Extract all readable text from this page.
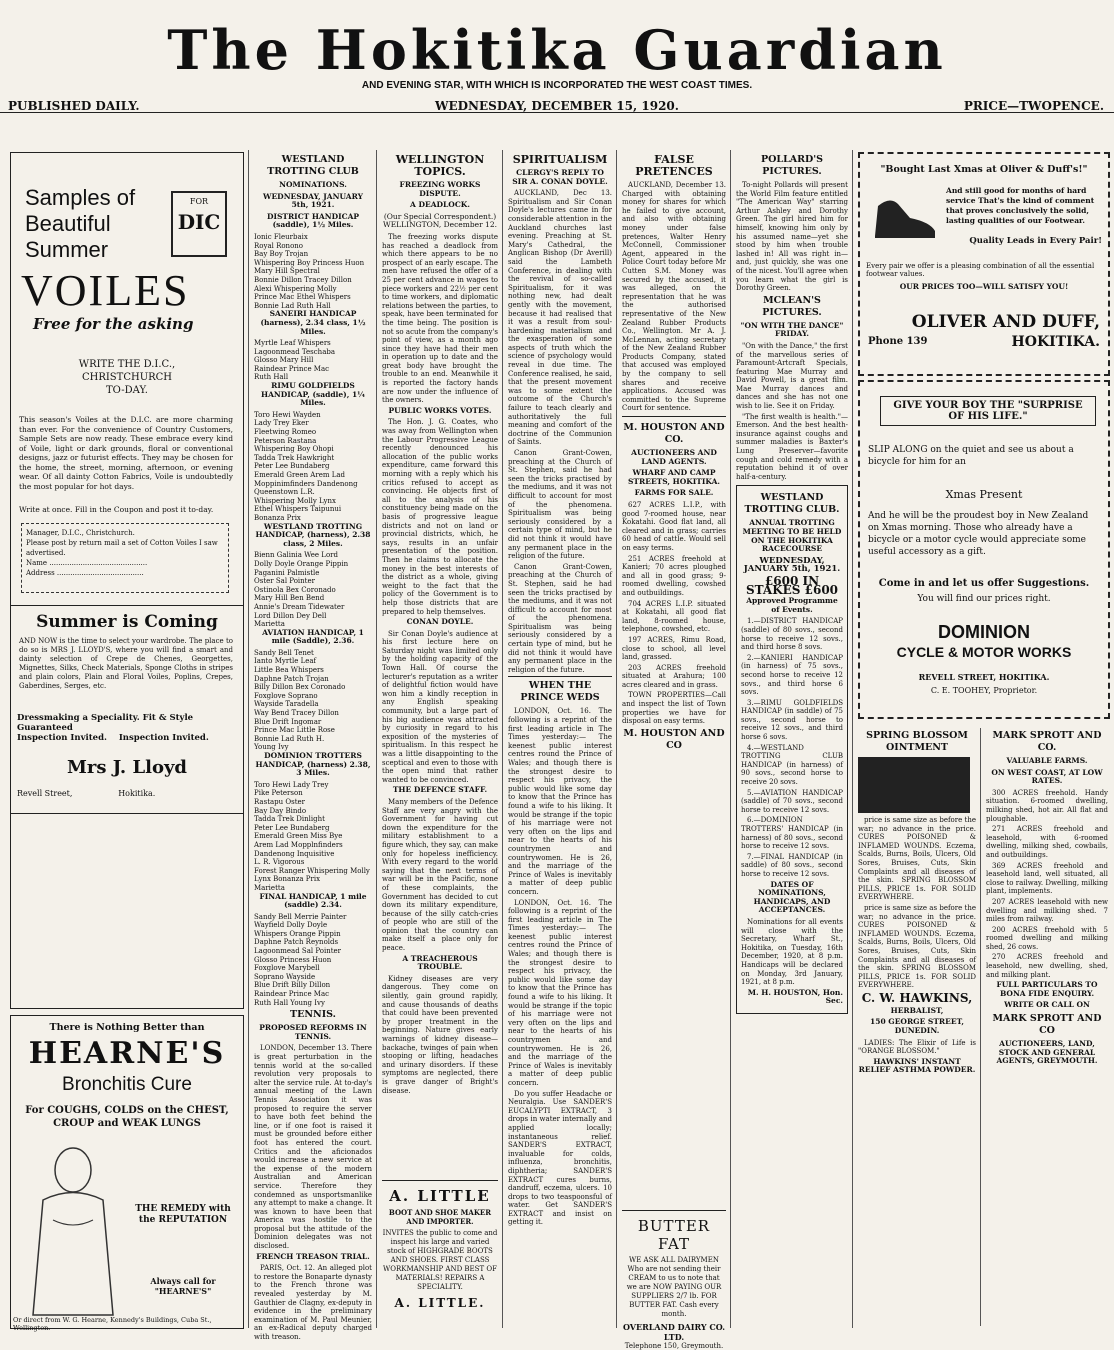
The Hokitika Guardian
AND EVENING STAR, WITH WHICH IS INCORPORATED THE WEST COAST TIMES.
PUBLISHED DAILY.	WEDNESDAY, DECEMBER 15, 1920.	PRICE—TWOPENCE.
Samples of
Beautiful
Summer
FOR
DIC
VOILES
Free for the asking
WRITE THE D.I.C.,
CHRISTCHURCH
TO-DAY.
This season's Voiles at the D.I.C. are more charming than ever. For the convenience of Country Customers, Sample Sets are now ready. These embrace every kind of Voile, light or dark grounds, floral or conventional designs, jazz or futurist effects. They may be chosen for the home, the street, morning, afternoon, or evening wear. Of all dainty Cotton Fabrics, Voile is undoubtedly the most popular for hot days.
Write at once. Fill in the Coupon and post it to-day.
Manager, D.I.C., Christchurch.
Please post by return mail a set of Cotton Voiles I saw advertised.
Name ............................................
Address .......................................
Summer is Coming
AND NOW is the time to select your wardrobe. The place to do so is MRS J. LLOYD'S, where you will find a smart and dainty selection of Crepe de Chenes, Georgettes, Mignettes, Silks, Check Materials, Sponge Cloths in stripes and plain colors, Plain and Floral Voiles, Poplins, Crepes, Gaberdines, Serges, etc.
Dressmaking a Speciality. Fit & Style Guaranteed
Inspection Invited.    Inspection Invited.
Mrs J. Lloyd
Revell Street,                  Hokitika.
There is Nothing Better than
HEARNE'S
Bronchitis Cure
For COUGHS, COLDS on the CHEST, CROUP and WEAK LUNGS
THE REMEDY with the REPUTATION
Always call for "HEARNE'S"
Or direct from W. G. Hearne, Kennedy's Buildings, Cuba St., Wellington.
WESTLAND TROTTING CLUB
NOMINATIONS.
WEDNESDAY, JANUARY 5th, 1921.
DISTRICT HANDICAP (saddle), 1½ Miles.
Ionic Fleurbaix
Royal Ronono
Bay Boy Trojan
Whispering Boy Princess Huon
Mary Hill Spectral
Bonnie Dillon Tracey Dillon
Alexi Whispering Molly
Prince Mac Ethel Whispers
Bonnie Lad Ruth Hall
SANEIRI HANDICAP (harness), 2.34 class, 1½ Miles.
Myrtle Leaf Whispers
Lagoonmead Teschaba
Glosso Mary Hill
Raindear Prince Mac
Ruth Hall
RIMU GOLDFIELDS HANDICAP, (saddle), 1¼ Miles.
Toro Hewi Wayden
Lady Trey Eker
Fleetwing Romeo
Peterson Rastana
Whispering Boy Ohopi
Tadda Trek Hawkright
Peter Lee Bundaberg
Emerald Green Arem Lad
Moppinimfinders Dandenong
Queenstown L.R.
Whispering Molly Lynx
Ethel Whispers Taipunui
Bonanza Prix
WESTLAND TROTTING HANDICAP, (harness), 2.38 class, 2 Miles.
Bienn Galinia Wee Lord
Dolly Doyle Orange Pippin
Paganini Palmistle
Oster Sal Pointer
Ostinola Bex Coronado
Mary Hill Ben Bend
Annie's Dream Tidewater
Lord Dillon Dey Dell
Marietta
AVIATION HANDICAP, 1 mile (Saddle), 2.36.
Sandy Bell Tenet
Ianto Myrtle Leaf
Little Bea Whispers
Daphne Patch Trojan
Billy Dillon Bex Coronado
Foxglove Soprano
Wayside Taradella
Way Bend Tracey Dillon
Blue Drift Ingomar
Prince Mac Little Rose
Bonnie Lad Ruth H.
Young Ivy
DOMINION TROTTERS HANDICAP, (harness) 2.38, 3 Miles.
Toro Hewi Lady Trey
Pike Peterson
Rastapu Oster
Bay Day Bindo
Tadda Trek Dinlight
Peter Lee Bundaberg
Emerald Green Miss Bye
Arem Lad Mopplnfinders
Dandenong Inquisitive
L. R. Vigorous
Forest Ranger Whispering Molly
Lynx Bonanza Prix
Marietta
FINAL HANDICAP, 1 mile (saddle) 2.34.
Sandy Bell Merrie Painter
Wayfield Dolly Doyle
Whispers Orange Pippin
Daphne Patch Reynolds
Lagoonmead Sal Pointer
Glosso Princess Huon
Foxglove Marybell
Soprano Wayside
Blue Drift Billy Dillon
Raindear Prince Mac
Ruth Hall Young Ivy
TENNIS.
PROPOSED REFORMS IN TENNIS.

LONDON, December 13. There is great perturbation in the tennis world at the so-called revolution very proposals to alter the service rule. At to-day's annual meeting of the Lawn Tennis Association it was proposed to require the server to have both feet behind the line, or if one foot is raised it must be grounded before either foot has entered the court. Critics and the aficionados would increase a new service at the expense of the modern Australian and American service. Therefore they condemned as unsportsmanlike any attempt to make a change. It was known to have been that America was hostile to the proposal but the attitude of the Dominion delegates was not disclosed.

FRENCH TREASON TRIAL.

PARIS, Oct. 12. An alleged plot to restore the Bonaparte dynasty to the French throne was revealed yesterday by M. Gauthier de Clagny, ex-deputy in evidence in the preliminary examination of M. Paul Meunier, an ex-Radical deputy charged with treason.

WELLINGTON TOPICS.
FREEZING WORKS DISPUTE.
A DEADLOCK.
(Our Special Correspondent.) WELLINGTON, December 12.

The freezing works dispute has reached a deadlock from which there appears to be no prospect of an early escape. The men have refused the offer of a 25 per cent advance in wages to piece workers and 22½ per cent to time workers, and diplomatic relations between the parties, to speak, have been terminated for the time being. The position is not so acute from the company's point of view, as a month ago since they have had their men in operation up to date and the great body have brought the trouble to an end. Meanwhile it is reported the factory hands are now under the influence of the owners.

PUBLIC WORKS VOTES.

The Hon. J. G. Coates, who was away from Wellington when the Labour Progressive League recently denounced his allocation of the public works expenditure, came forward this morning with a reply which his critics refused to accept as convincing. He objects first of all to the analysis of his constituency being made on the basis of progressive league districts and not on land or provincial districts, which, he says, results in an unfair presentation of the position. Then he claims to allocate the money in the best interests of the district as a whole, giving weight to the fact that the policy of the Government is to help those districts that are prepared to help themselves.

CONAN DOYLE.

Sir Conan Doyle's audience at his first lecture here on Saturday night was limited only by the holding capacity of the Town Hall. Of course the lecturer's reputation as a writer of delightful fiction would have won him a kindly reception in any English speaking community, but a large part of his big audience was attracted by curiosity in regard to his exposition of the mysteries of spiritualism. In this respect he was a little disappointing to the sceptical and even to those with the open mind that rather wanted to be convinced.

THE DEFENCE STAFF.

Many members of the Defence Staff are very angry with the Government for having cut down the expenditure for the military establishment to a figure which, they say, can make only for hopeless inefficiency. With every regard to the world saying that the next terms of war will be in the Pacific, none of these complaints, the Government has decided to cut down its military expenditure, because of the silly catch-cries of people who are still of the opinion that the country can make itself a place only for peace.

A TREACHEROUS TROUBLE.

Kidney diseases are very dangerous. They come on silently, gain ground rapidly, and cause thousands of deaths that could have been prevented by proper treatment in the beginning. Nature gives early warnings of kidney disease—backache, twinges of pain when stooping or lifting, headaches and urinary disorders. If these symptoms are neglected, there is grave danger of Bright's disease.

A. LITTLE
BOOT AND SHOE MAKER AND IMPORTER.
INVITES the public to come and inspect his large and varied stock of HIGHGRADE BOOTS AND SHOES. FIRST CLASS WORKMANSHIP AND BEST OF MATERIALS! REPAIRS A SPECIALITY.
A. LITTLE.
SPIRITUALISM
CLERGY'S REPLY TO SIR A. CONAN DOYLE.

AUCKLAND, Dec 13. Spiritualism and Sir Conan Doyle's lectures came in for considerable attention in the Auckland churches last evening. Preaching at St. Mary's Cathedral, the Anglican Bishop (Dr Averill) said the Lambeth Conference, in dealing with the revival of so-called Spiritualism, for it was nothing new, had dealt gently with the movement, because it had realised that it was a result from soul-hardening materialism and the exasperation of some aspects of truth which the science of psychology would reveal in due time. The Conference realised, he said, that the present movement was to some extent the outcome of the Church's failure to teach clearly and authoritatively the full meaning and comfort of the doctrine of the Communion of Saints.

Canon Grant-Cowen, preaching at the Church of St. Stephen, said he had seen the tricks practised by the mediums, and it was not difficult to account for most of the phenomena. Spiritualism was being seriously considered by a certain type of mind, but he did not think it would have any permanent place in the religion of the future.

Canon Grant-Cowen, preaching at the Church of St. Stephen, said he had seen the tricks practised by the mediums, and it was not difficult to account for most of the phenomena. Spiritualism was being seriously considered by a certain type of mind, but he did not think it would have any permanent place in the religion of the future.

WHEN THE PRINCE WEDS

LONDON, Oct. 16. The following is a reprint of the first leading article in The Times yesterday:— The keenest public interest centres round the Prince of Wales; and though there is the strongest desire to respect his privacy, the public would like some day to know that the Prince has found a wife to his liking. It would be strange if the topic of his marriage were not very often on the lips and near to the hearts of his countrymen and countrywomen. He is 26, and the marriage of the Prince of Wales is inevitably a matter of deep public concern.

LONDON, Oct. 16. The following is a reprint of the first leading article in The Times yesterday:— The keenest public interest centres round the Prince of Wales; and though there is the strongest desire to respect his privacy, the public would like some day to know that the Prince has found a wife to his liking. It would be strange if the topic of his marriage were not very often on the lips and near to the hearts of his countrymen and countrywomen. He is 26, and the marriage of the Prince of Wales is inevitably a matter of deep public concern.

Do you suffer Headache or Neuralgia. Use SANDER'S EUCALYPTI EXTRACT, 3 drops in water internally and applied locally; instantaneous relief. SANDER'S EXTRACT, invaluable for colds, influenza, bronchitis, diphtheria; SANDER'S EXTRACT cures burns, dandruff, eczema, ulcers. 10 drops to two teaspoonsful of water. Get SANDER'S EXTRACT and insist on getting it.

FALSE PRETENCES

AUCKLAND, December 13. Charged with obtaining money for shares for which he failed to give account, and also with obtaining money under false pretences, Walter Henry McConnell, Commissioner Agent, appeared in the Police Court today before Mr Cutten S.M. Money was secured by the accused, it was alleged, on the representation that he was the authorised representative of the New Zealand Rubber Products Co., Wellington. Mr A. J. McLennan, acting secretary of the New Zealand Rubber Products Company, stated that accused was employed by the company to sell shares and receive applications. Accused was committed to the Supreme Court for sentence.

M. HOUSTON AND CO.
AUCTIONEERS AND LAND AGENTS.
WHARF AND CAMP STREETS, HOKITIKA.
FARMS FOR SALE.

627 ACRES L.I.P., with good 7-roomed house, near Kokatahi. Good flat land, all cleared and in grass; carries 60 head of cattle. Would sell on easy terms.

251 ACRES freehold at Kanieri; 70 acres ploughed and all in good grass; 9-roomed dwelling, cowshed and outbuildings.

704 ACRES L.I.P. situated at Kokatahi, all good flat land, 8-roomed house, telephone, cowshed, etc.

197 ACRES, Rimu Road, close to school, all level land, grassed.

203 ACRES freehold situated at Arahura; 100 acres cleared and in grass.

TOWN PROPERTIES—Call and inspect the list of Town properties we have for disposal on easy terms.

M. HOUSTON AND CO
BUTTER FAT
WE ASK ALL DAIRYMEN Who are not sending their CREAM to us to note that we are NOW PAYING OUR SUPPLIERS 2/7 lb. FOR BUTTER FAT. Cash every month.
OVERLAND DAIRY CO. LTD.
Telephone 150, Greymouth.
POLLARD'S PICTURES.

To-night Pollards will present the World Film feature entitled "The American Way" starring Arthur Ashley and Dorothy Green. The girl hired him for himself, knowing him only by his assumed name—yet she stood by him when trouble lashed in! All was right in—and, just quickly, she was one of the nicest. You'll agree when you learn what the girl is Dorothy Green.

MCLEAN'S PICTURES.
"ON WITH THE DANCE" FRIDAY.

"On with the Dance," the first of the marvellous series of Paramount-Artcraft Specials, featuring Mae Murray and David Powell, is a great film. Mae Murray dances and dances and she has not one wish to lie. See it on Friday.

"The first wealth is health."—Emerson. And the best health-insurance against coughs and summer maladies is Baxter's Lung Preserver—favorite cough and cold remedy with a reputation behind it of over half-a-century.

WESTLAND TROTTING CLUB.
ANNUAL TROTTING MEETING TO BE HELD ON THE HOKITIKA RACECOURSE
WEDNESDAY, JANUARY 5th, 1921.
£600 IN STAKES £600
Approved Programme of Events.

1.—DISTRICT HANDICAP (saddle) of 80 sovs., second horse to receive 12 sovs., and third horse 8 sovs.

2.—KANIERI HANDICAP (in harness) of 75 sovs., second horse to receive 12 sovs., and third horse 6 sovs.

3.—RIMU GOLDFIELDS HANDICAP (in saddle) of 75 sovs., second horse to receive 12 sovs., and third horse 6 sovs.

4.—WESTLAND TROTTING CLUB HANDICAP (in harness) of 90 sovs., second horse to receive 20 sovs.

5.—AVIATION HANDICAP (saddle) of 70 sovs., second horse to receive 12 sovs.

6.—DOMINION TROTTERS' HANDICAP (in harness) of 80 sovs., second horse to receive 12 sovs.

7.—FINAL HANDICAP (in saddle) of 80 sovs., second horse to receive 12 sovs.

DATES OF NOMINATIONS, HANDICAPS, AND ACCEPTANCES.

Nominations for all events will close with the Secretary, Wharf St., Hokitika, on Tuesday, 16th December, 1920, at 8 p.m. Handicaps will be declared on Monday, 3rd January, 1921, at 8 p.m.

M. H. HOUSTON, Hon. Sec.
"Bought Last Xmas at Oliver & Duff's!"
And still good for months of hard service That's the kind of comment that proves conclusively the solid, lasting qualities of our Footwear.
Quality Leads in Every Pair!
Every pair we offer is a pleasing combination of all the essential footwear values.
OUR PRICES TOO—WILL SATISFY YOU!
OLIVER AND DUFF,
Phone 139	HOKITIKA.
GIVE YOUR BOY THE "SURPRISE OF HIS LIFE."
SLIP ALONG on the quiet and see us about a bicycle for him for an
Xmas Present
And he will be the proudest boy in New Zealand on Xmas morning. Those who already have a bicycle or a motor cycle would appreciate some useful accessory as a gift.
Come in and let us offer Suggestions.
You will find our prices right.
DOMINION
CYCLE & MOTOR WORKS
REVELL STREET, HOKITIKA.
C. E. TOOHEY, Proprietor.
SPRING BLOSSOM OINTMENT

price is same size as before the war; no advance in the price. CURES POISONED & INFLAMED WOUNDS. Eczema, Scalds, Burns, Boils, Ulcers, Old Sores, Bruises, Cuts, Skin Complaints and all diseases of the skin. SPRING BLOSSOM PILLS, PRICE 1s. FOR SOLID EVERYWHERE.

price is same size as before the war; no advance in the price. CURES POISONED & INFLAMED WOUNDS. Eczema, Scalds, Burns, Boils, Ulcers, Old Sores, Bruises, Cuts, Skin Complaints and all diseases of the skin. SPRING BLOSSOM PILLS, PRICE 1s. FOR SOLID EVERYWHERE.

C. W. HAWKINS,
HERBALIST,
150 GEORGE STREET, DUNEDIN.

LADIES: The Elixir of Life is "ORANGE BLOSSOM."

HAWKINS' INSTANT RELIEF ASTHMA POWDER.
MARK SPROTT AND CO.
VALUABLE FARMS.
ON WEST COAST, AT LOW RATES.

300 ACRES freehold. Handy situation. 6-roomed dwelling, milking shed, hot air. All flat and ploughable.

271 ACRES freehold and leasehold, with 6-roomed dwelling, milking shed, cowbails, and outbuildings.

369 ACRES freehold and leasehold land, well situated, all close to railway. Dwelling, milking plant, implements.

207 ACRES leasehold with new dwelling and milking shed. 7 miles from railway.

200 ACRES freehold with 5 roomed dwelling and milking shed, 26 cows.

270 ACRES freehold and leasehold, new dwelling, shed, and milking plant.

FULL PARTICULARS TO BONA FIDE ENQUIRY.
WRITE OR CALL ON
MARK SPROTT AND CO
AUCTIONEERS, LAND, STOCK AND GENERAL AGENTS, GREYMOUTH.
